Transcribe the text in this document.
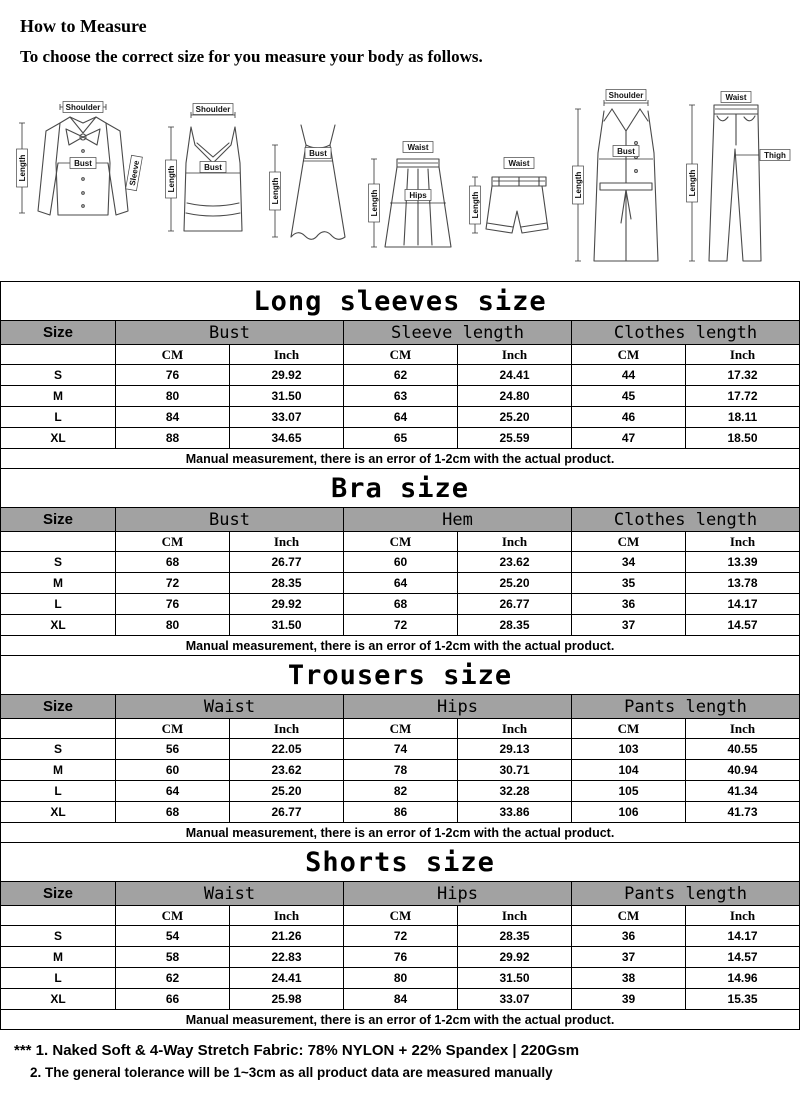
How to Measure
To choose the correct size for you measure your body as follows.
Shoulder
Bust
Length	Sleeve
Shoulder
Bust
Length
Bust
Length
Waist
Hips
Length
Waist
Length
Shoulder
Bust
Length
Waist
Thigh
Length
Long sleeves size						
Size	Bust		Sleeve length		Clothes length	
	CM	Inch	CM	Inch	CM	Inch
S	76	29.92	62	24.41	44	17.32
M	80	31.50	63	24.80	45	17.72
L	84	33.07	64	25.20	46	18.11
XL	88	34.65	65	25.59	47	18.50
Manual measurement, there is an error of 1-2cm with the actual product.						
Bra size						
Size	Bust		Hem		Clothes length	
	CM	Inch	CM	Inch	CM	Inch
S	68	26.77	60	23.62	34	13.39
M	72	28.35	64	25.20	35	13.78
L	76	29.92	68	26.77	36	14.17
XL	80	31.50	72	28.35	37	14.57
Manual measurement, there is an error of 1-2cm with the actual product.						
Trousers size						
Size	Waist		Hips		Pants length	
	CM	Inch	CM	Inch	CM	Inch
S	56	22.05	74	29.13	103	40.55
M	60	23.62	78	30.71	104	40.94
L	64	25.20	82	32.28	105	41.34
XL	68	26.77	86	33.86	106	41.73
Manual measurement, there is an error of 1-2cm with the actual product.						
Shorts size						
Size	Waist		Hips		Pants length	
	CM	Inch	CM	Inch	CM	Inch
S	54	21.26	72	28.35	36	14.17
M	58	22.83	76	29.92	37	14.57
L	62	24.41	80	31.50	38	14.96
XL	66	25.98	84	33.07	39	15.35
Manual measurement, there is an error of 1-2cm with the actual product.						
*** 1. Naked Soft & 4-Way Stretch Fabric: 78% NYLON + 22% Spandex | 220Gsm
2. The general tolerance will be 1~3cm as all product data are measured manually
